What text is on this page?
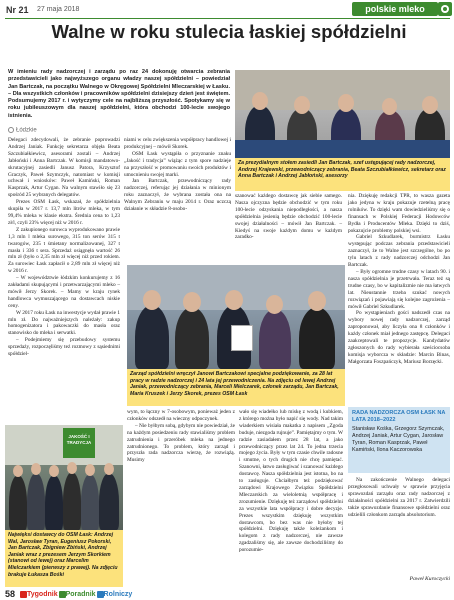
Nr 21 27 maja 2018	polskie mleko
Walne w roku stulecia łaskiej spółdzielni
W imieniu rady nadzorczej i zarządu po raz 24 dokonuję otwarcia zebrania przedstawicieli jako najwyższego organu władzy naszej spółdzielni – powiedział Jan Bartczak, na początku Walnego w Okręgowej Spółdzielni Mleczarskiej w Łasku. – Dla wszystkich członków i pracowników spółdzielni dzisiejszy dzień jest świętem. Podsumujemy 2017 r. i wytyczymy cele na najbliższą przyszłość. Spotykamy się w roku jubileuszowym dla naszej spółdzielni, która obchodzi 100-lecie swojego istnienia.
Łódzkie
Za prezydialnym stołem zasiedli Jan Bartczak, szef ustępującej rady nadzorczej, Andrzej Krajewski, przewodniczący zebrania, Beata Szczubiałkiewicz, sekretarz oraz Anna Bartczak i Andrzej Jabłoński, asesorzy
Zarząd spółdzielni wręczył Janowi Bartczakowi specjalne podziękowanie, za 28 lat pracy w radzie nadzorczej i 24 lata jej przewodniczenia. Na zdjęciu od lewej Andrzej Janiak, przewodniczący zebrania, Marceli Mielczarek, członek zarządu, Jan Bartczak, Maria Kruszek i Jerzy Skorek, prezes OSM Łask
JAKOŚĆ I TRADYCJA
Najwięksi dostawcy do OSM Łask: Andrzej Wal, Jarosław Tyran, Eugeniusz Pokorski, Jan Bartczak, Zbigniew Zbiński, Andrzej Janiak wraz z prezesem Jerzym Skorkiem (stanowi od lewej) oraz Marcelim Mielczarkiem (pierwszy z prawej). Na zdjęciu brakuje Łukasza Bośki

Delegaci zdecydowali, że zebranie poprowadzi Andrzej Janiak. Funkcję sekretarza objęła Beata Szczubiałkiewicz, asesorami zostali – Andrzej Jabłoński i Anna Bartczak. W komisji mandatowo-skrutacyjnej zasiedli Janusz Patora, Krzysztof Graczyk, Paweł Szymczyk, natomiast w komisji uchwał i wniosków: Paweł Kamiński, Roman Kasprzak, Artur Cygan. Na walnym stawiło się 23 spośród 25 wybranych delegatów.

Prezes OSM Łask, wskazał, że spółdzielnia skupiła w 2017 r. 13,7 mln litrów mleka, w tym 99,4% mleka w klasie ekstra. Średnia cena to 1,23 zł/l, czyli 23% więcej niż w 2016 r.

Z zakupionego surowca wyprodukowano prawie 1,3 mln l mleka surowego, 315 ton serów 315 t twarogów, 235 t śmietany normalizowanej, 327 t masła i 336 t sera. Sprzedaż osiągnęła wartość 26 mln zł (było o 2,35 mln zł więcej niż przed rokiem. Za surowiec Łask zapłacił o 2,89 mln zł więcej niż w 2016 r.

– W województwie łódzkim konkurujemy z 16 zakładami skupującymi i przetwarzającymi mleko – mówił Jerzy Skorek. – Mamy w kraju rynek handlowca wymuszającego na dostawcach niskie ceny.

W 2017 roku Łask na inwestycje wydał prawie 1 mln zł. Do najważniejszych należały: zakup homogenizatora i pakowaczki do masła oraz stanowisko do mleka i serwatki.

– Podejmiemy się przebudowy systemu sprzedaży, rozpoczęliśmy też rozmowy z sąsiednimi spółdziel-

niami w celu zwiększenia współpracy handlowej i produkcyjnej – mówił Skorek.

OSM Łask wystąpiła o przyznanie znaku „Jakość i tradycja” wiążąc z tym spore nadzieje na przyszłość w promowaniu swoich produktów i umocnieniu swojej marki.

Jan Bartczak, przewodniczący rady nadzorczej, referując jej działania w minionym roku zaznaczył, że wybrana została ona na Walnym Zebraniu w maju 2014 r. Oraz uczczą działanie w składzie 8-osobo-

wym, to łączny w 7-osobowym, ponieważ jeden z członków odszedł na wieczny odpoczynek.

– Nie byłbym sobą, gdybym nie powiedział, że na każdym posiedzeniu rady stawialiśmy problem zatrudnienia i przeróbek mleka na jednego zatrudnionego. To problem, który zarząd i przyszła rada nadzorcza wierzę, że rozwiążą. Musimy

szanować każdego dostawcę jak siebie samego. Nasza ojczyzna będzie obchodzić w tym roku 100-lecie odzyskania niepodległości, a nasza spółdzielnia jesienią będzie obchodzić 100-lecie swojej działalności – mówił Jan Bartczak. – Kiedyś na swoje każdym domu w każdym zaradko-

wało się wiadełko lub miskę z wodą i kubkiem, z którego można było napić się wody. Nad takim wiaderkiem wisiała makatka z napisem „Zgoda buduje, niezgoda rujnuje”. Pamiętajmy o tym. W radzie zasiadałem przez 28 lat, a jako przewodniczący przez lat 24. To jedna trzecia mojego życia. Były w tym czasie chwile radosne i smutne, o tych drugich nie chcę pamiętać. Szanowni, łatwo zasługiwać i szanować każdego dostawcę. Nasza spółdzielnia jest istotna, bo na to zasługuje. Chciałbym też podziękować zarządowi Krajowego Związku Spółdzielni Mleczarskich za wieloletnią współpracę i zrozumienie. Dziękuję też zarządowi spółdzielni za wszystkie lata współpracy i dobre decyzje. Prezes wszystkim dziękuję wszystkim dostawcom, bo bez was nie byłoby tej spółdzielni. Dziękuję także koleżankom i kolegom z rady nadzorczej, nie zawsze zgadzaliśmy się, ale zawsze dochodziliśmy do porozumie-

nia. Dziękuję redakcji TPR, to wasza gazeta jako jedyna w kraju pokazuje rzetelną pracę rolników. To dzięki wam dowiedzieliśmy się o finansach w Polskiej Federacji Hodowców Bydła i Producentów Mleka. Dzięki to dziś, pokazujcie problemy polskiej wsi.

Gabriel Szkudlarek, burmistrz Łasku występując podczas zebrania przedstawicieli zaznaczył, że to Walne jest szczególne, bo po tylu latach z rady nadzorczej odchodzi Jan Bartczak.

– Były ogromne trudne czasy w latach 90. i nasza spółdzielnia je przetrwała. Teraz też są trudne czasy, bo w kapitalizmie nie ma łatwych lat. Nieustannie trzeba szukać nowych rozwiązań i pojawiają się kolejne zagrożenia – mówił Gabriel Szkudlarek.

Po wystąpieniach gości nadszedł czas na wybory nowej rady nadzorczej, zarząd zaproponował, aby liczyła ona 8 członków i każdy członek miał jednego zastępcę. Delegaci zaakceptowali te propozycje. Kandydatów zgłoszonych do rady wybierała sześciocsoba komisja wyborcza w składzie: Marcin Binas, Małgorzata Foszpańczyk, Mariusz Borzęcki.

RADA NADZORCZA OSM ŁASK NA LATA 2018–2022
Stanisław Kośka, Grzegorz Szymczak, Andrzej Janiak, Artur Cygan, Jarosław Tyran, Roman Kasprzak, Paweł Kamiński, Ilona Kaczorowska

Na zakończenie Walnego delegaci przegłosowali uchwały w sprawie przyjęcia sprawozdań zarządu oraz rady nadzorczej z działalności spółdzielni za 2017 r. Zatwierdzili także sprawozdanie finansowe spółdzielni oraz udzielili członkom zarządu absolutorium.

Paweł Kuroczycki
58	Tygodnik Poradnik Rolniczy
